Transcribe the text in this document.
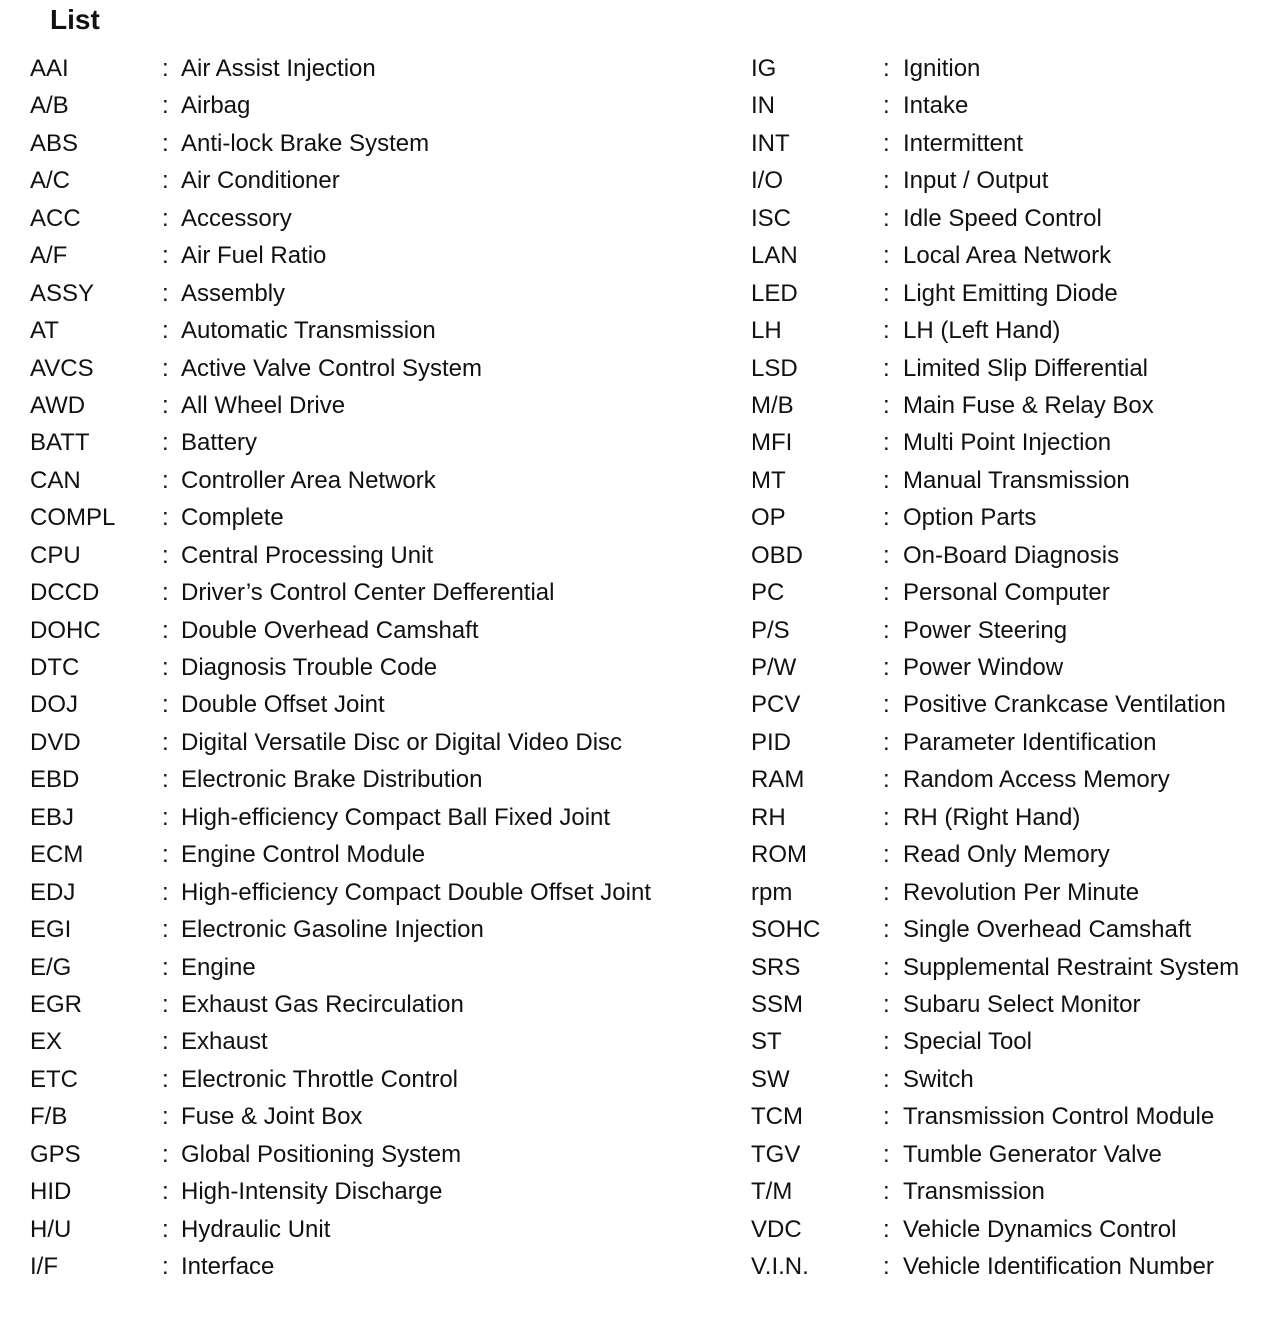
List
AAI	: Air Assist Injection
A/B	: Airbag
ABS	: Anti-lock Brake System
A/C	: Air Conditioner
ACC	: Accessory
A/F	: Air Fuel Ratio
ASSY	: Assembly
AT	: Automatic Transmission
AVCS	: Active Valve Control System
AWD	: All Wheel Drive
BATT	: Battery
CAN	: Controller Area Network
COMPL : Complete
CPU	: Central Processing Unit
DCCD	: Driver’s Control Center Defferential
DOHC	: Double Overhead Camshaft
DTC	: Diagnosis Trouble Code
DOJ	: Double Offset Joint
DVD	: Digital Versatile Disc or Digital Video Disc
EBD	: Electronic Brake Distribution
EBJ	: High-efficiency Compact Ball Fixed Joint
ECM	: Engine Control Module
EDJ	: High-efficiency Compact Double Offset Joint
EGI	: Electronic Gasoline Injection
E/G	: Engine
EGR	: Exhaust Gas Recirculation
EX	: Exhaust
ETC	: Electronic Throttle Control
F/B	: Fuse & Joint Box
GPS	: Global Positioning System
HID	: High-Intensity Discharge
H/U	: Hydraulic Unit
I/F	: Interface
IG	: Ignition
IN	: Intake
INT	: Intermittent
I/O	: Input / Output
ISC	: Idle Speed Control
LAN	: Local Area Network
LED	: Light Emitting Diode
LH	: LH (Left Hand)
LSD	: Limited Slip Differential
M/B	: Main Fuse & Relay Box
MFI	: Multi Point Injection
MT	: Manual Transmission
OP	: Option Parts
OBD	: On-Board Diagnosis
PC	: Personal Computer
P/S	: Power Steering
P/W	: Power Window
PCV	: Positive Crankcase Ventilation
PID	: Parameter Identification
RAM	: Random Access Memory
RH	: RH (Right Hand)
ROM	: Read Only Memory
rpm	: Revolution Per Minute
SOHC	: Single Overhead Camshaft
SRS	: Supplemental Restraint System
SSM	: Subaru Select Monitor
ST	: Special Tool
SW	: Switch
TCM	: Transmission Control Module
TGV	: Tumble Generator Valve
T/M	: Transmission
VDC	: Vehicle Dynamics Control
V.I.N.	: Vehicle Identification Number
